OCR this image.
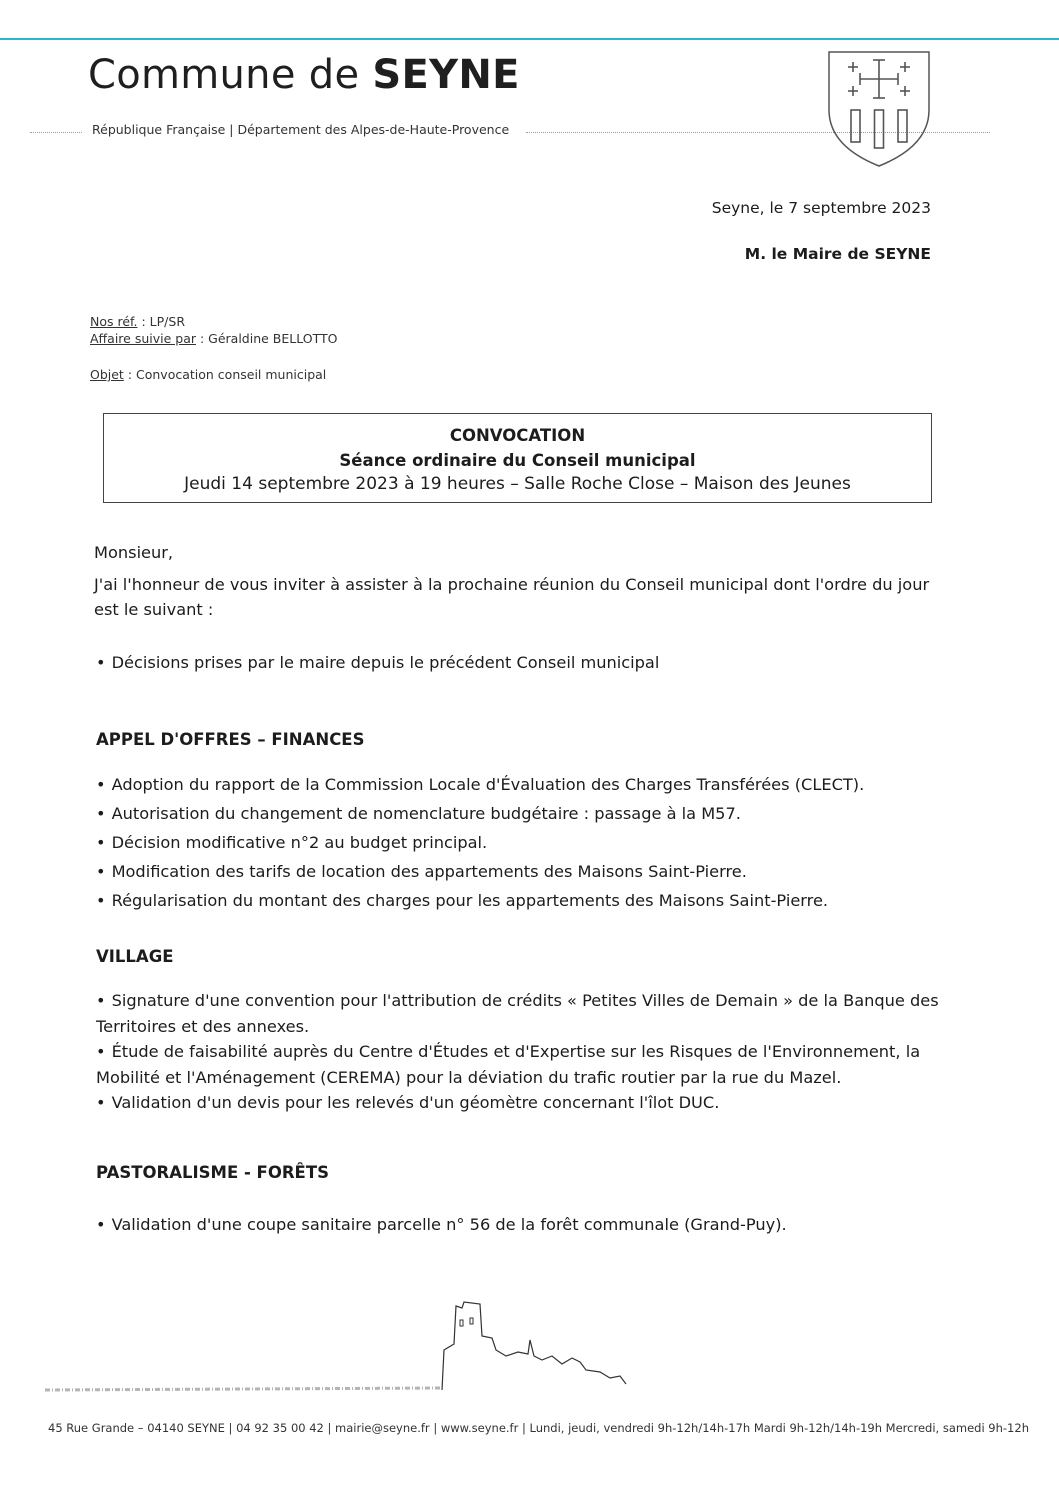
Commune de SEYNE
République Française | Département des Alpes-de-Haute-Provence
Seyne, le 7 septembre 2023
M. le Maire de SEYNE
Nos réf. : LP/SR
Affaire suivie par : Géraldine BELLOTTO
Objet : Convocation conseil municipal
CONVOCATION
Séance ordinaire du Conseil municipal
Jeudi 14 septembre 2023 à 19 heures – Salle Roche Close – Maison des Jeunes
Monsieur,
J'ai l'honneur de vous inviter à assister à la prochaine réunion du Conseil municipal dont l'ordre du jour
est le suivant :
• Décisions prises par le maire depuis le précédent Conseil municipal
APPEL D'OFFRES – FINANCES
• Adoption du rapport de la Commission Locale d'Évaluation des Charges Transférées (CLECT).
• Autorisation du changement de nomenclature budgétaire : passage à la M57.
• Décision modificative n°2 au budget principal.
• Modification des tarifs de location des appartements des Maisons Saint-Pierre.
• Régularisation du montant des charges pour les appartements des Maisons Saint-Pierre.
VILLAGE
• Signature d'une convention pour l'attribution de crédits « Petites Villes de Demain » de la Banque des Territoires et des annexes.
• Étude de faisabilité auprès du Centre d'Études et d'Expertise sur les Risques de l'Environnement, la Mobilité et l'Aménagement (CEREMA) pour la déviation du trafic routier par la rue du Mazel.
• Validation d'un devis pour les relevés d'un géomètre concernant l'îlot DUC.
PASTORALISME - FORÊTS
• Validation d'une coupe sanitaire parcelle n° 56 de la forêt communale (Grand-Puy).
45 Rue Grande – 04140 SEYNE | 04 92 35 00 42 | mairie@seyne.fr | www.seyne.fr | Lundi, jeudi, vendredi 9h-12h/14h-17h Mardi 9h-12h/14h-19h Mercredi, samedi 9h-12h
